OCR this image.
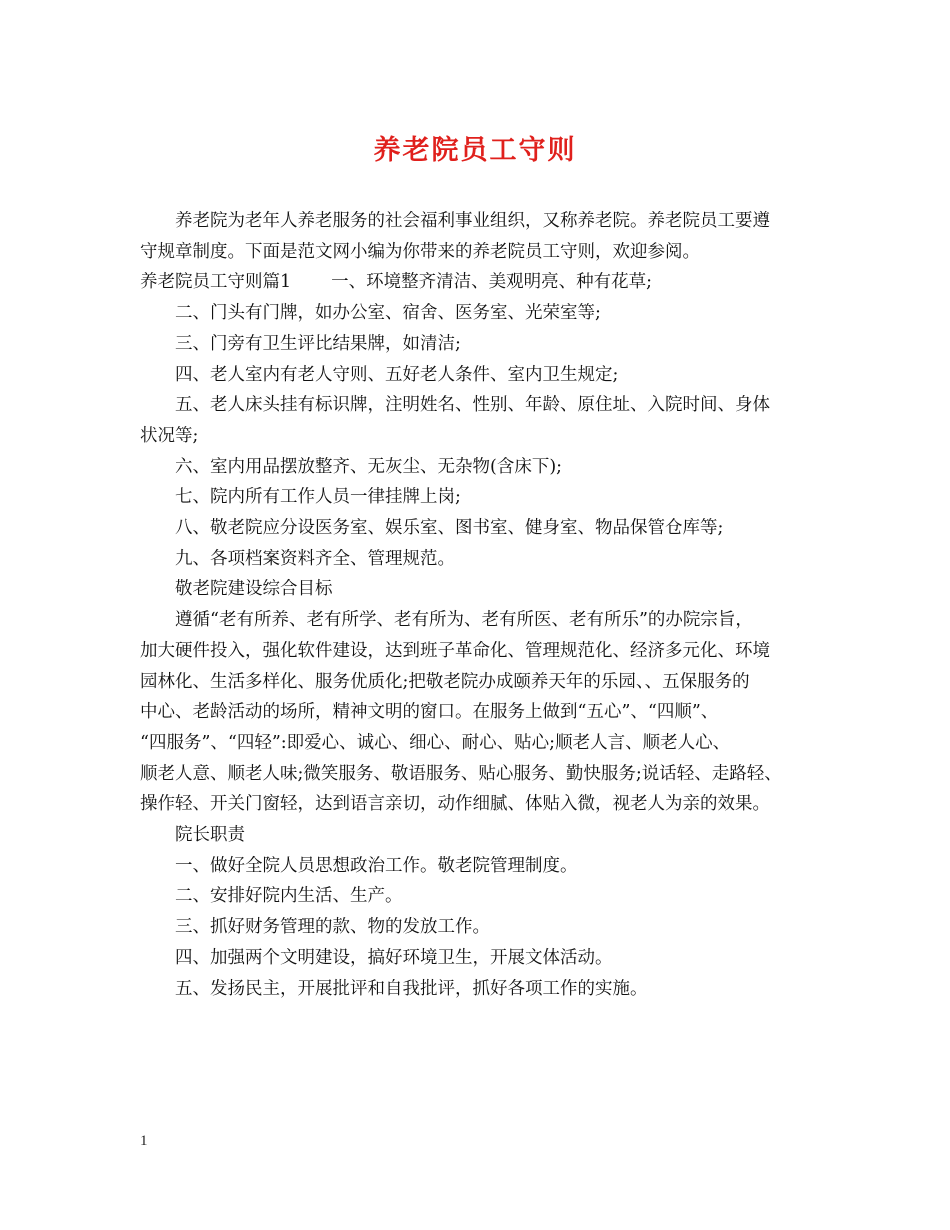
养老院员工守则

养老院为老年人养老服务的社会福利事业组织，又称养老院。养老院员工要遵

守规章制度。下面是范文网小编为你带来的养老院员工守则，欢迎参阅。

养老院员工守则篇1 一、环境整齐清洁、美观明亮、种有花草;

二、门头有门牌，如办公室、宿舍、医务室、光荣室等;

三、门旁有卫生评比结果牌，如清洁;

四、老人室内有老人守则、五好老人条件、室内卫生规定;

五、老人床头挂有标识牌，注明姓名、性别、年龄、原住址、入院时间、身体

状况等;

六、室内用品摆放整齐、无灰尘、无杂物(含床下);

七、院内所有工作人员一律挂牌上岗;

八、敬老院应分设医务室、娱乐室、图书室、健身室、物品保管仓库等;

九、各项档案资料齐全、管理规范。

敬老院建设综合目标

遵循“老有所养、老有所学、老有所为、老有所医、老有所乐”的办院宗旨，

加大硬件投入，强化软件建设，达到班子革命化、管理规范化、经济多元化、环境

园林化、生活多样化、服务优质化;把敬老院办成颐养天年的乐园、、五保服务的

中心、老龄活动的场所，精神文明的窗口。在服务上做到“五心”、“四顺”、

“四服务”、“四轻”:即爱心、诚心、细心、耐心、贴心;顺老人言、顺老人心、

顺老人意、顺老人味;微笑服务、敬语服务、贴心服务、勤快服务;说话轻、走路轻、

操作轻、开关门窗轻，达到语言亲切，动作细腻、体贴入微，视老人为亲的效果。

院长职责

一、做好全院人员思想政治工作。敬老院管理制度。

二、安排好院内生活、生产。

三、抓好财务管理的款、物的发放工作。

四、加强两个文明建设，搞好环境卫生，开展文体活动。

五、发扬民主，开展批评和自我批评，抓好各项工作的实施。

1
